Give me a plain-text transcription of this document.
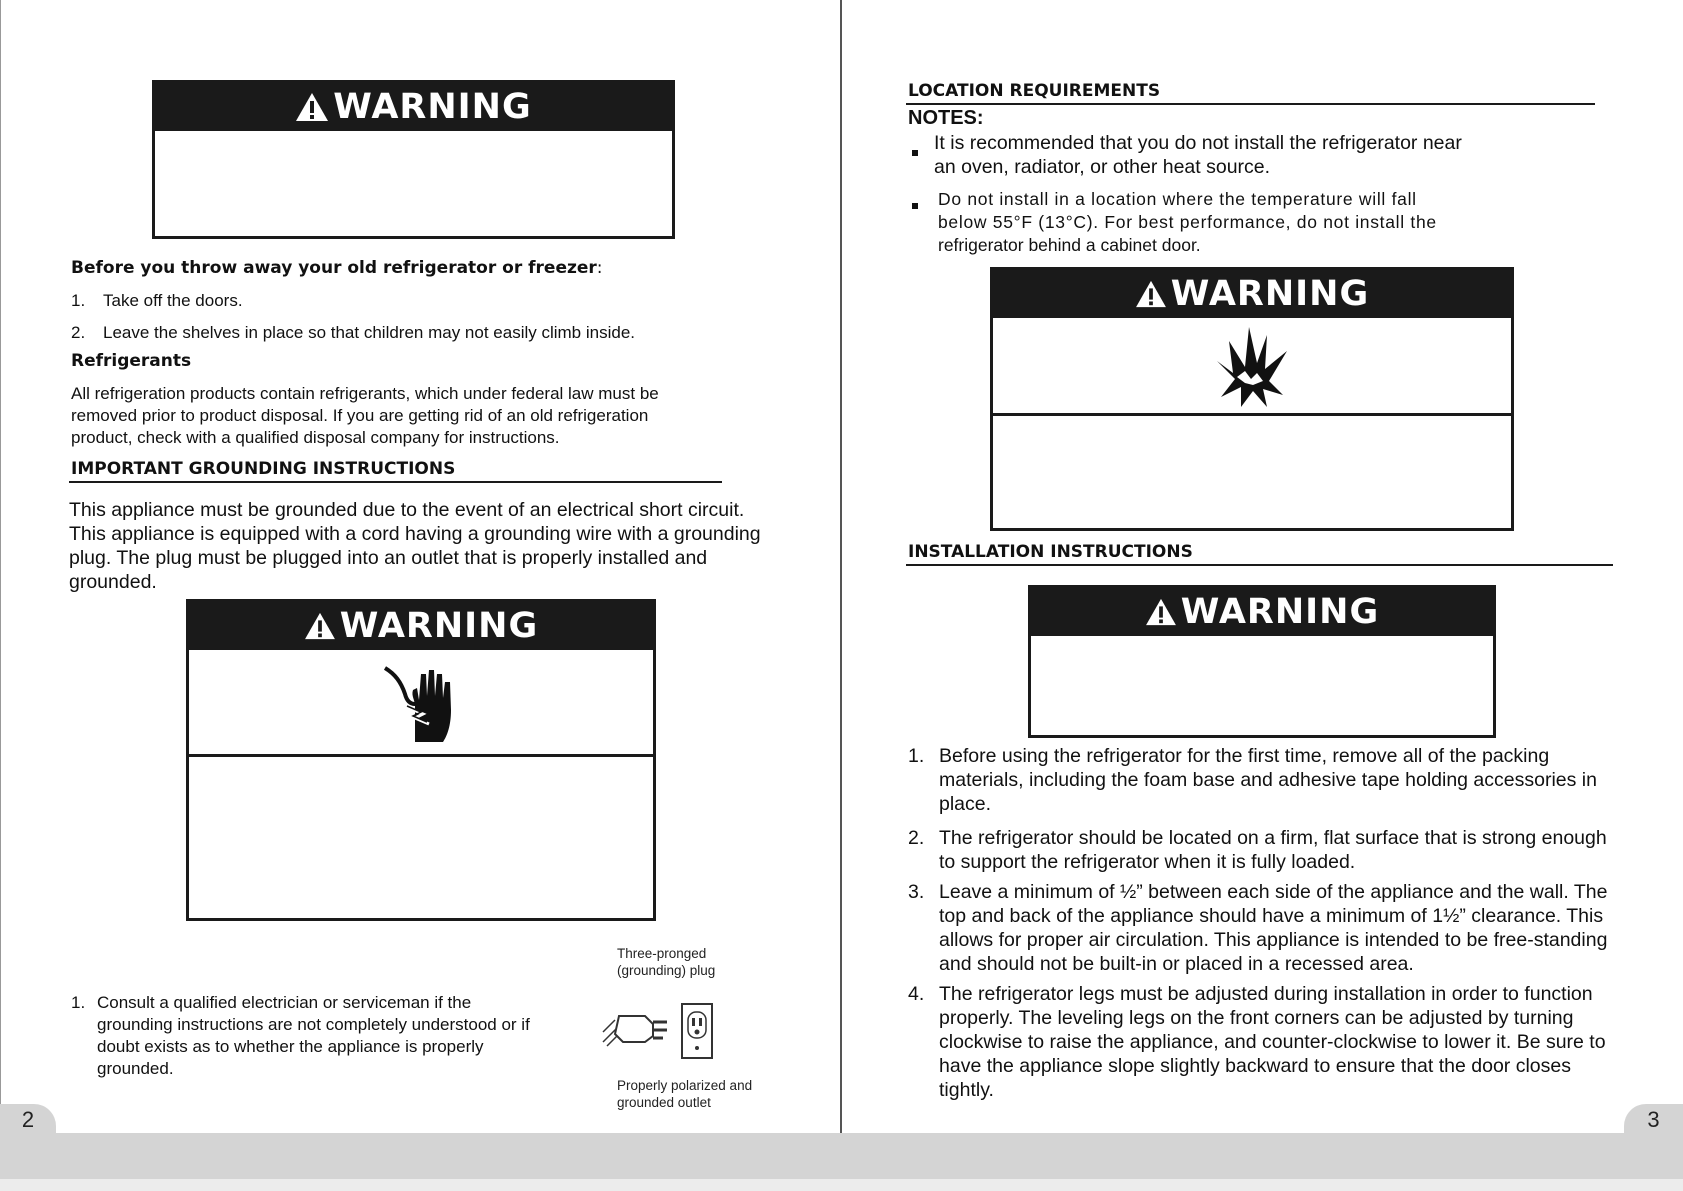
WARNING
Before you throw away your old refrigerator or freezer:
1.	Take off the doors.
2.	Leave the shelves in place so that children may not easily climb inside.
Refrigerants
All refrigeration products contain refrigerants, which under federal law must be
removed prior to product disposal. If you are getting rid of an old refrigeration
product, check with a qualified disposal company for instructions.
IMPORTANT GROUNDING INSTRUCTIONS
This appliance must be grounded due to the event of an electrical short circuit.
This appliance is equipped with a cord having a grounding wire with a grounding
plug. The plug must be plugged into an outlet that is properly installed and
grounded.
WARNING
1. Consult a qualified electrician or serviceman if the
grounding instructions are not completely understood or if
doubt exists as to whether the appliance is properly
grounded.
Three-pronged
(grounding) plug
Properly polarized and
grounded outlet
LOCATION REQUIREMENTS
NOTES:
It is recommended that you do not install the refrigerator near
an oven, radiator, or other heat source.
Do not install in a location where the temperature will fall
below 55°F (13°C). For best performance, do not install the
refrigerator behind a cabinet door.
WARNING
INSTALLATION INSTRUCTIONS
WARNING
1. Before using the refrigerator for the first time, remove all of the packing
materials, including the foam base and adhesive tape holding accessories in
place.
2. The refrigerator should be located on a firm, flat surface that is strong enough
to support the refrigerator when it is fully loaded.
3. Leave a minimum of ½” between each side of the appliance and the wall. The
top and back of the appliance should have a minimum of 1½” clearance. This
allows for proper air circulation. This appliance is intended to be free-standing
and should not be built-in or placed in a recessed area.
4. The refrigerator legs must be adjusted during installation in order to function
properly. The leveling legs on the front corners can be adjusted by turning
clockwise to raise the appliance, and counter-clockwise to lower it. Be sure to
have the appliance slope slightly backward to ensure that the door closes
tightly.
2	3
